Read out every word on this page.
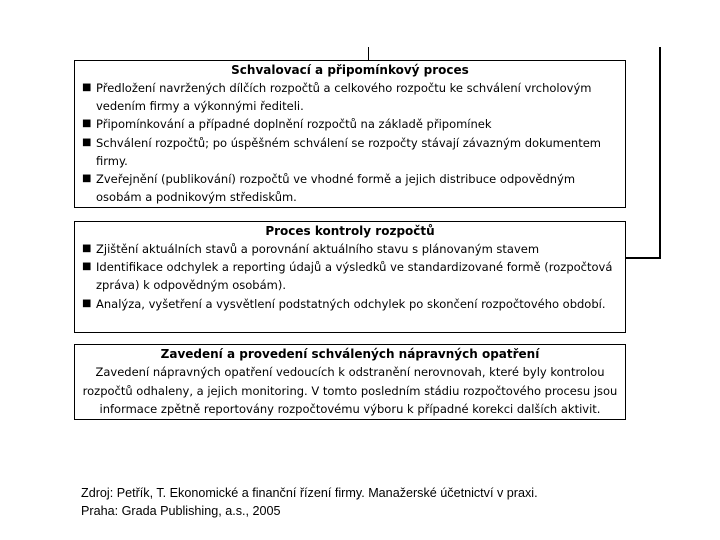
Schvalovací a připomínkový proces
■ Předložení navržených dílčích rozpočtů a celkového rozpočtu ke schválení vrcholovým vedením firmy a výkonnými řediteli.
■ Připomínkování a případné doplnění rozpočtů na základě připomínek
■ Schválení rozpočtů; po úspěšném schválení se rozpočty stávají závazným dokumentem firmy.
■ Zveřejnění (publikování) rozpočtů ve vhodné formě a jejich distribuce odpovědným osobám a podnikovým střediskům.
Proces kontroly rozpočtů
■ Zjištění aktuálních stavů a porovnání aktuálního stavu s plánovaným stavem
■ Identifikace odchylek a reporting údajů a výsledků ve standardizované formě (rozpočtová zpráva) k odpovědným osobám).
■ Analýza, vyšetření a vysvětlení podstatných odchylek po skončení rozpočtového období.
Zavedení a provedení schválených nápravných opatření
Zavedení nápravných opatření vedoucích k odstranění nerovnovah, které byly kontrolou rozpočtů odhaleny, a jejich monitoring. V tomto posledním stádiu rozpočtového procesu jsou informace zpětně reportovány rozpočtovému výboru k případné korekci dalších aktivit.
Zdroj: Petřík, T. Ekonomické a finanční řízení firmy. Manažerské účetnictví v praxi.
Praha: Grada Publishing, a.s., 2005
